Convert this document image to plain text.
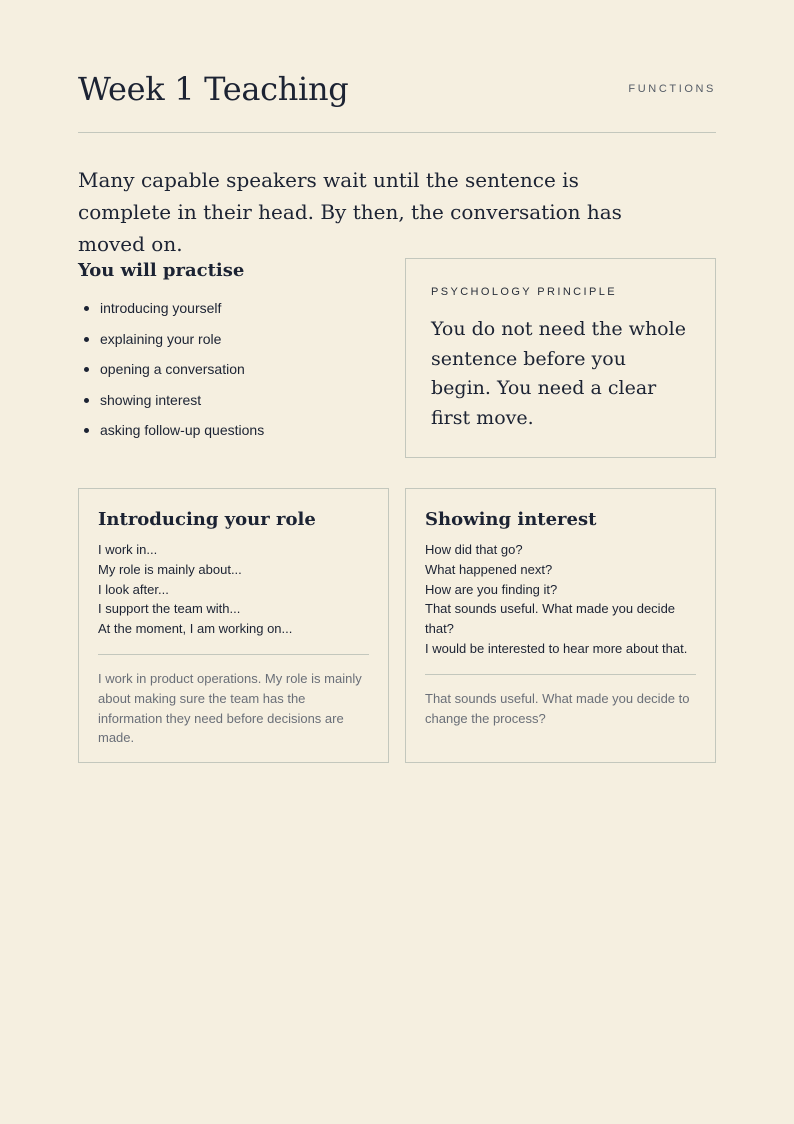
Week 1 Teaching	FUNCTIONS

Many capable speakers wait until the sentence is complete in their head. By then, the conversation has moved on.

You will practise
introducing yourself
explaining your role
opening a conversation
showing interest
asking follow-up questions
PSYCHOLOGY PRINCIPLE

You do not need the whole sentence before you begin. You need a clear first move.

Introducing your role
I work in...
My role is mainly about...
I look after...
I support the team with...
At the moment, I am working on...

I work in product operations. My role is mainly about making sure the team has the information they need before decisions are made.

Showing interest
How did that go?
What happened next?
How are you finding it?
That sounds useful. What made you decide that?
I would be interested to hear more about that.

That sounds useful. What made you decide to change the process?
